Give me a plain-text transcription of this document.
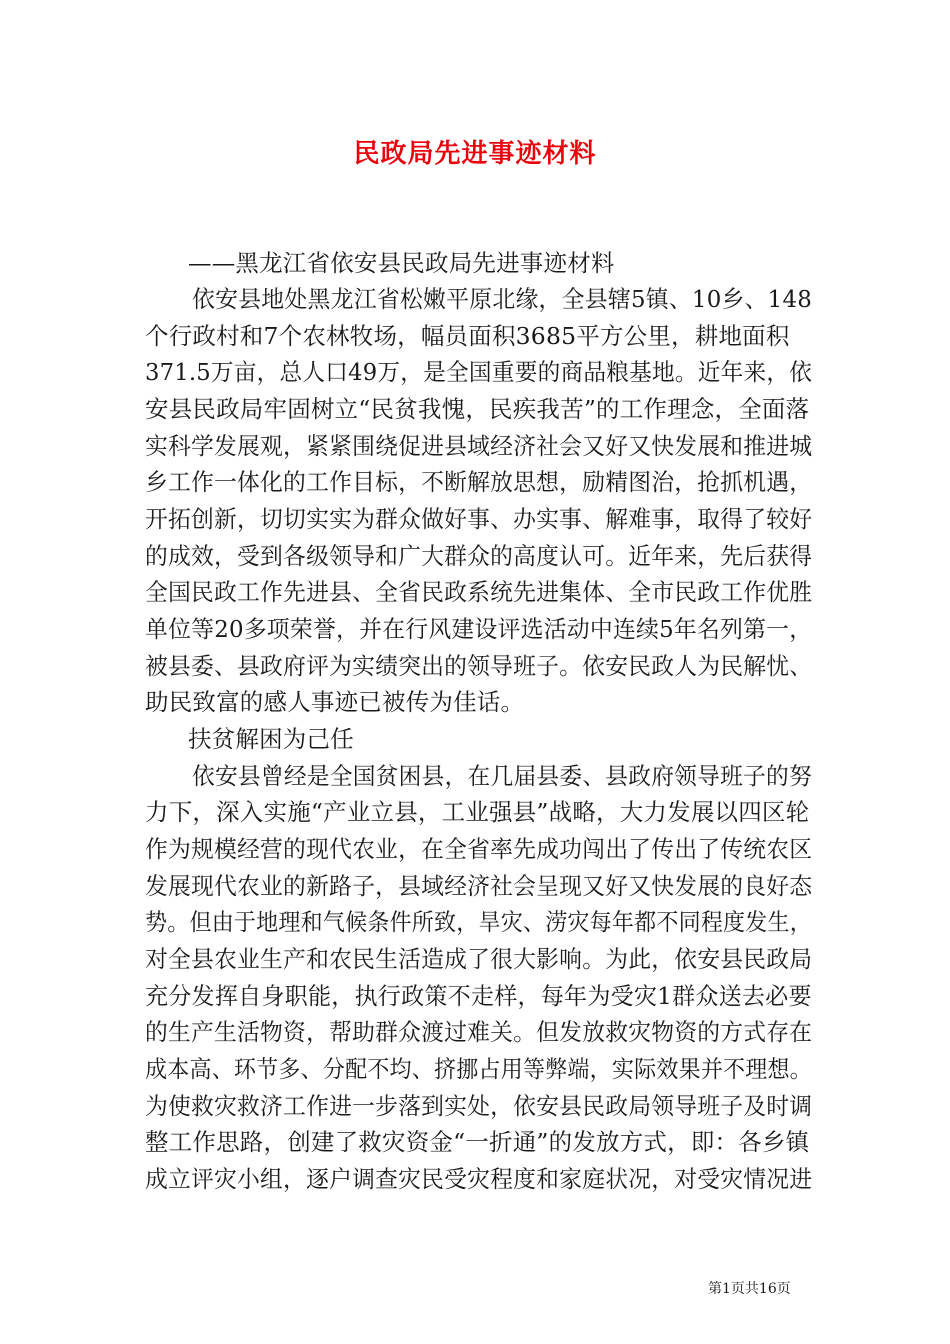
民政局先进事迹材料
——黑龙江省依安县民政局先进事迹材料
依安县地处黑龙江省松嫩平原北缘，全县辖5镇、10乡、148
个行政村和7个农林牧场，幅员面积3685平方公里，耕地面积
371.5万亩，总人口49万，是全国重要的商品粮基地。近年来，依
安县民政局牢固树立“民贫我愧，民疾我苦”的工作理念，全面落
实科学发展观，紧紧围绕促进县域经济社会又好又快发展和推进城
乡工作一体化的工作目标，不断解放思想，励精图治，抢抓机遇，
开拓创新，切切实实为群众做好事、办实事、解难事，取得了较好
的成效，受到各级领导和广大群众的高度认可。近年来，先后获得
全国民政工作先进县、全省民政系统先进集体、全市民政工作优胜
单位等20多项荣誉，并在行风建设评选活动中连续5年名列第一，
被县委、县政府评为实绩突出的领导班子。依安民政人为民解忧、
助民致富的感人事迹已被传为佳话。
扶贫解困为己任
依安县曾经是全国贫困县，在几届县委、县政府领导班子的努
力下，深入实施“产业立县，工业强县”战略，大力发展以四区轮
作为规模经营的现代农业，在全省率先成功闯出了传出了传统农区
发展现代农业的新路子，县域经济社会呈现又好又快发展的良好态
势。但由于地理和气候条件所致，旱灾、涝灾每年都不同程度发生，
对全县农业生产和农民生活造成了很大影响。为此，依安县民政局
充分发挥自身职能，执行政策不走样，每年为受灾1群众送去必要
的生产生活物资，帮助群众渡过难关。但发放救灾物资的方式存在
成本高、环节多、分配不均、挤挪占用等弊端，实际效果并不理想。
为使救灾救济工作进一步落到实处，依安县民政局领导班子及时调
整工作思路，创建了救灾资金“一折通”的发放方式，即：各乡镇
成立评灾小组，逐户调查灾民受灾程度和家庭状况，对受灾情况进
第1页共16页
